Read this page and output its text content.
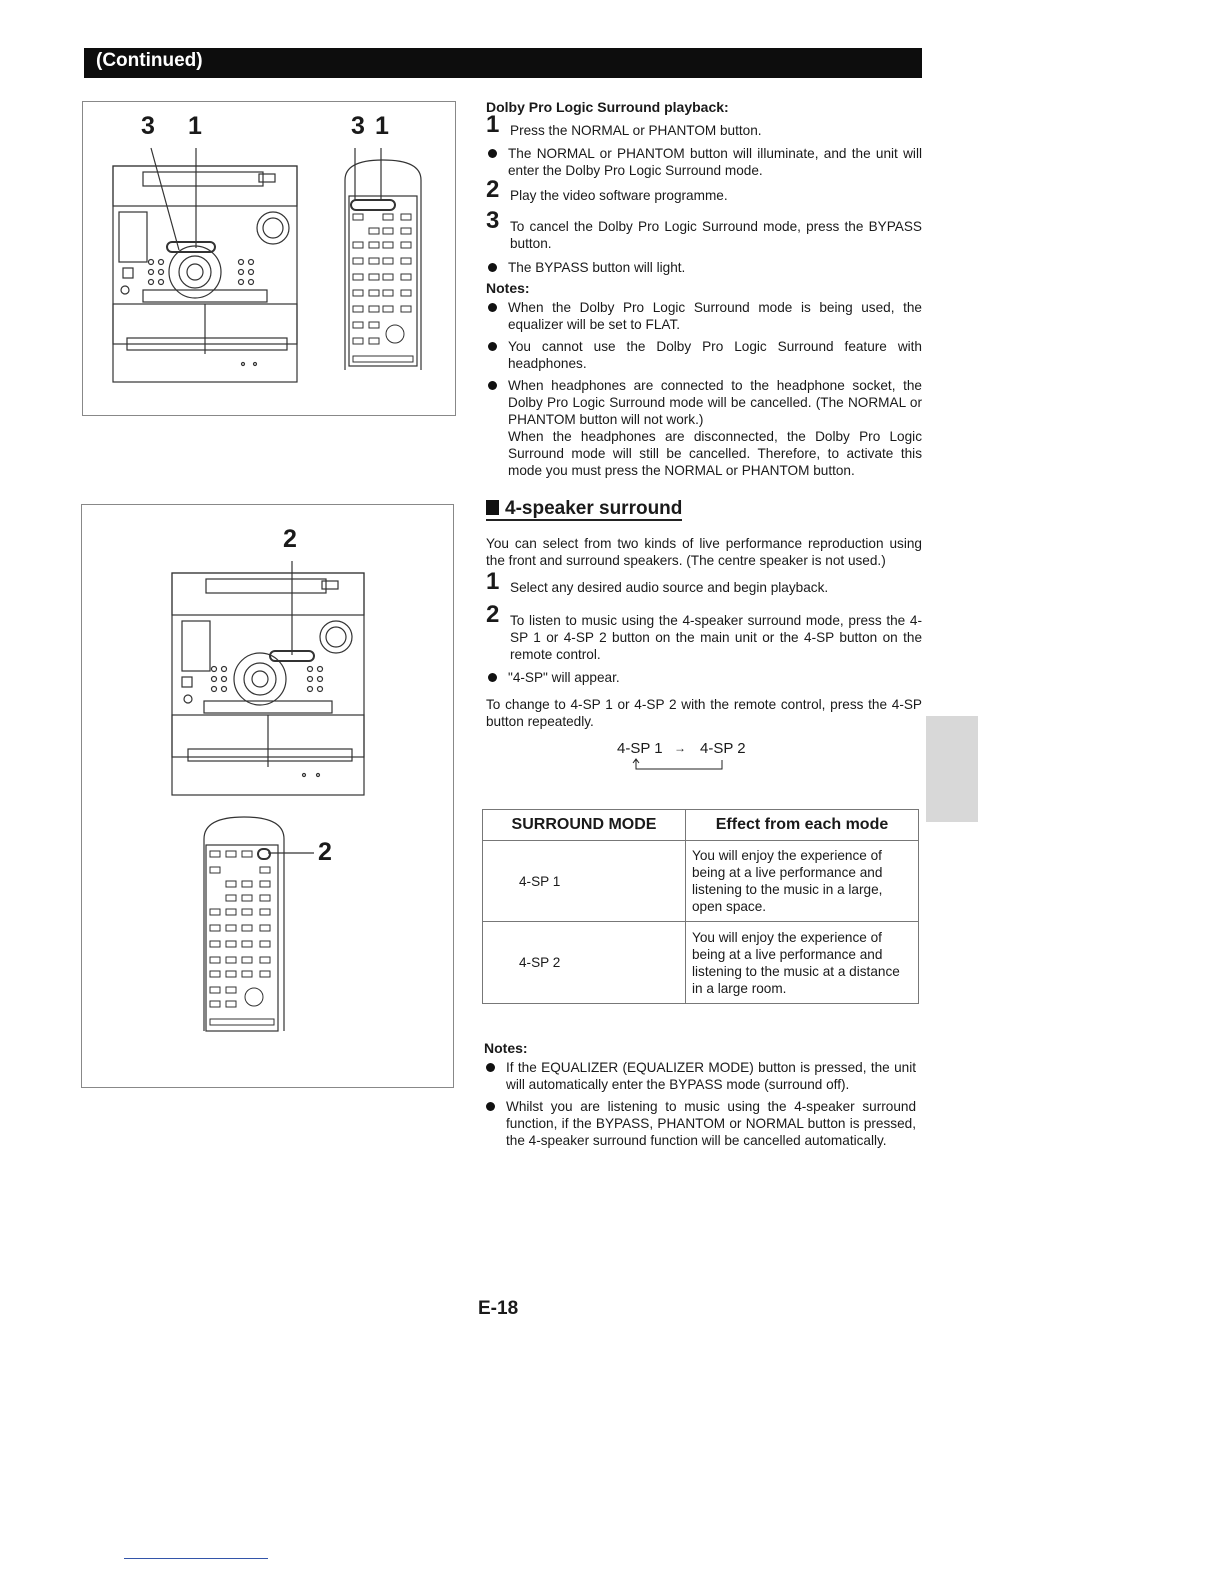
(Continued)
3 1	3 1
2
2
Dolby Pro Logic Surround playback:
1 Press the NORMAL or PHANTOM button.
The NORMAL or PHANTOM button will illuminate, and the unit will enter the Dolby Pro Logic Surround mode.
2 Play the video software programme.
3 To cancel the Dolby Pro Logic Surround mode, press the BYPASS button.
The BYPASS button will light.
Notes:
When the Dolby Pro Logic Surround mode is being used, the equalizer will be set to FLAT.
You cannot use the Dolby Pro Logic Surround feature with headphones.
When headphones are connected to the headphone socket, the Dolby Pro Logic Surround mode will be cancelled. (The NORMAL or PHANTOM button will not work.)
When the headphones are disconnected, the Dolby Pro Logic Surround mode will still be cancelled. Therefore, to activate this mode you must press the NORMAL or PHANTOM button.
4-speaker surround
You can select from two kinds of live performance reproduction using the front and surround speakers. (The centre speaker is not used.)
1 Select any desired audio source and begin playback.
2 To listen to music using the 4-speaker surround mode, press the 4-SP 1 or 4-SP 2 button on the main unit or the 4-SP button on the remote control.
"4-SP" will appear.
To change to 4-SP 1 or 4-SP 2 with the remote control, press the 4-SP button repeatedly.
4-SP 1 → 4-SP 2
SURROUND MODE	Effect from each mode
4-SP 1	You will enjoy the experience of being at a live performance and listening to the music in a large, open space.
4-SP 2	You will enjoy the experience of being at a live performance and listening to the music at a distance in a large room.
Notes:
If the EQUALIZER (EQUALIZER MODE) button is pressed, the unit will automatically enter the BYPASS mode (surround off).
Whilst you are listening to music using the 4-speaker surround function, if the BYPASS, PHANTOM or NORMAL button is pressed, the 4-speaker surround function will be cancelled automatically.
E-18
